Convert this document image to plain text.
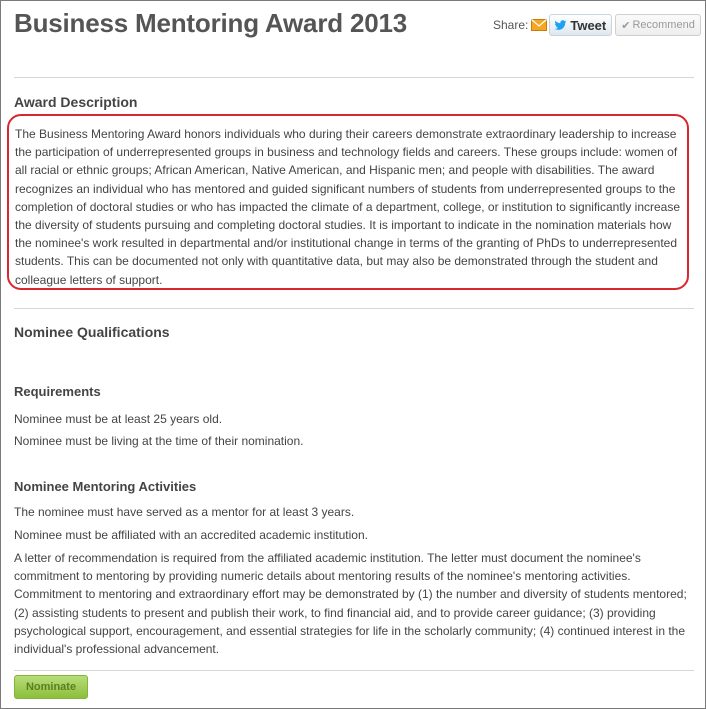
Business Mentoring Award 2013	Share:	Tweet ✔ Recommend
Award Description

The Business Mentoring Award honors individuals who during their careers demonstrate extraordinary leadership to increase the participation of underrepresented groups in business and technology fields and careers. These groups include: women of all racial or ethnic groups; African American, Native American, and Hispanic men; and people with disabilities. The award recognizes an individual who has mentored and guided significant numbers of students from underrepresented groups to the completion of doctoral studies or who has impacted the climate of a department, college, or institution to significantly increase the diversity of students pursuing and completing doctoral studies. It is important to indicate in the nomination materials how the nominee's work resulted in departmental and/or institutional change in terms of the granting of PhDs to underrepresented students. This can be documented not only with quantitative data, but may also be demonstrated through the student and colleague letters of support.

Nominee Qualifications
Requirements

Nominee must be at least 25 years old.

Nominee must be living at the time of their nomination.

Nominee Mentoring Activities

The nominee must have served as a mentor for at least 3 years.

Nominee must be affiliated with an accredited academic institution.

A letter of recommendation is required from the affiliated academic institution. The letter must document the nominee's commitment to mentoring by providing numeric details about mentoring results of the nominee's mentoring activities. Commitment to mentoring and extraordinary effort may be demonstrated by (1) the number and diversity of students mentored; (2) assisting students to present and publish their work, to find financial aid, and to provide career guidance; (3) providing psychological support, encouragement, and essential strategies for life in the scholarly community; (4) continued interest in the individual's professional advancement.

Nominate
